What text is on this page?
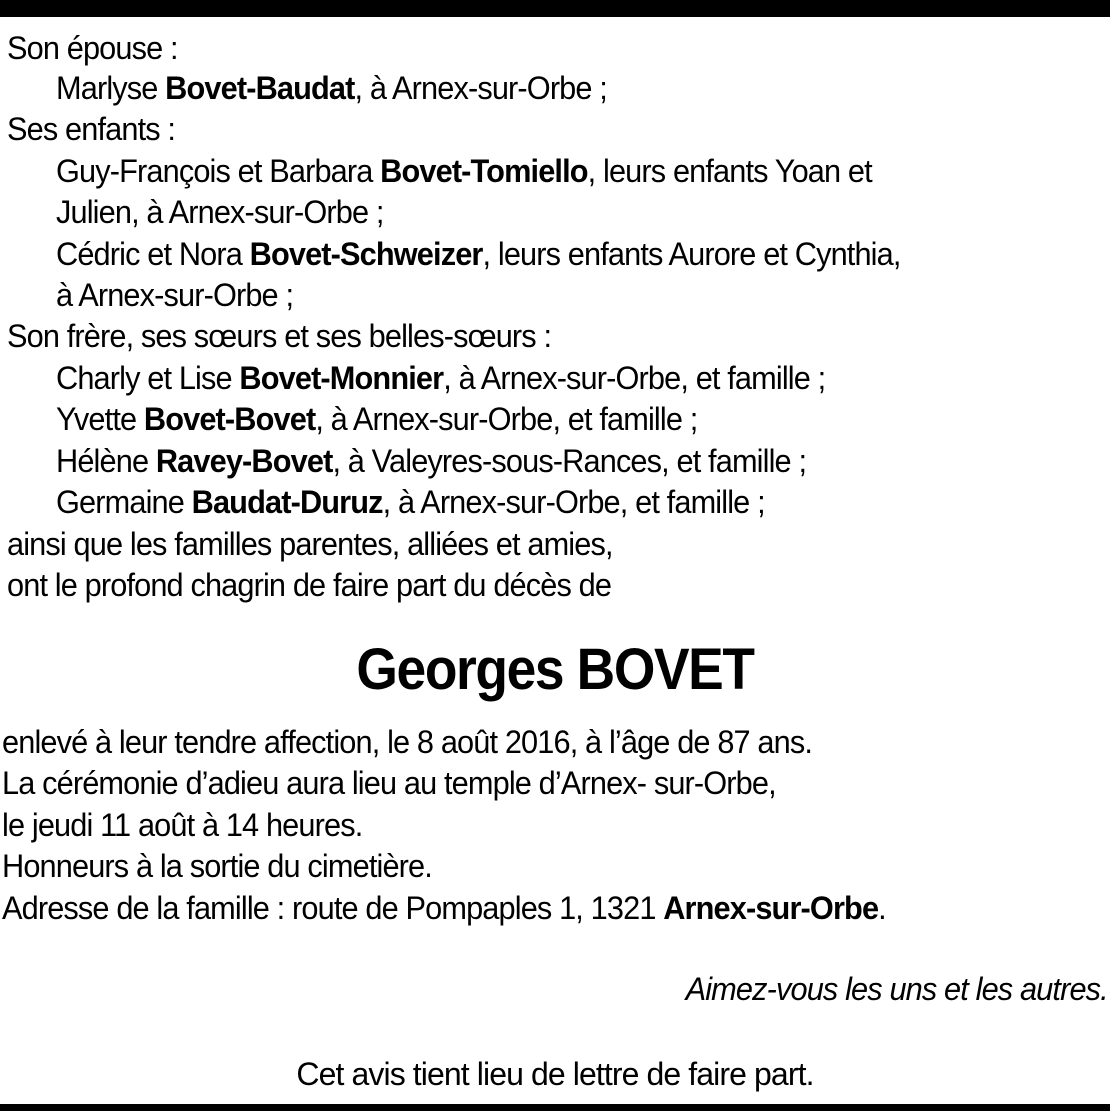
Son épouse :
Marlyse Bovet-Baudat, à Arnex-sur-Orbe ;
Ses enfants :
Guy-François et Barbara Bovet-Tomiello, leurs enfants Yoan et
Julien, à Arnex-sur-Orbe ;
Cédric et Nora Bovet-Schweizer, leurs enfants Aurore et Cynthia,
à Arnex-sur-Orbe ;
Son frère, ses sœurs et ses belles-sœurs :
Charly et Lise Bovet-Monnier, à Arnex-sur-Orbe, et famille ;
Yvette Bovet-Bovet, à Arnex-sur-Orbe, et famille ;
Hélène Ravey-Bovet, à Valeyres-sous-Rances, et famille ;
Germaine Baudat-Duruz, à Arnex-sur-Orbe, et famille ;
ainsi que les familles parentes, alliées et amies,
ont le profond chagrin de faire part du décès de
Georges BOVET
enlevé à leur tendre affection, le 8 août 2016, à l’âge de 87 ans.
La cérémonie d’adieu aura lieu au temple d’Arnex- sur-Orbe,
le jeudi 11 août à 14 heures.
Honneurs à la sortie du cimetière.
Adresse de la famille : route de Pompaples 1, 1321 Arnex-sur-Orbe.
Aimez-vous les uns et les autres.
Cet avis tient lieu de lettre de faire part.
